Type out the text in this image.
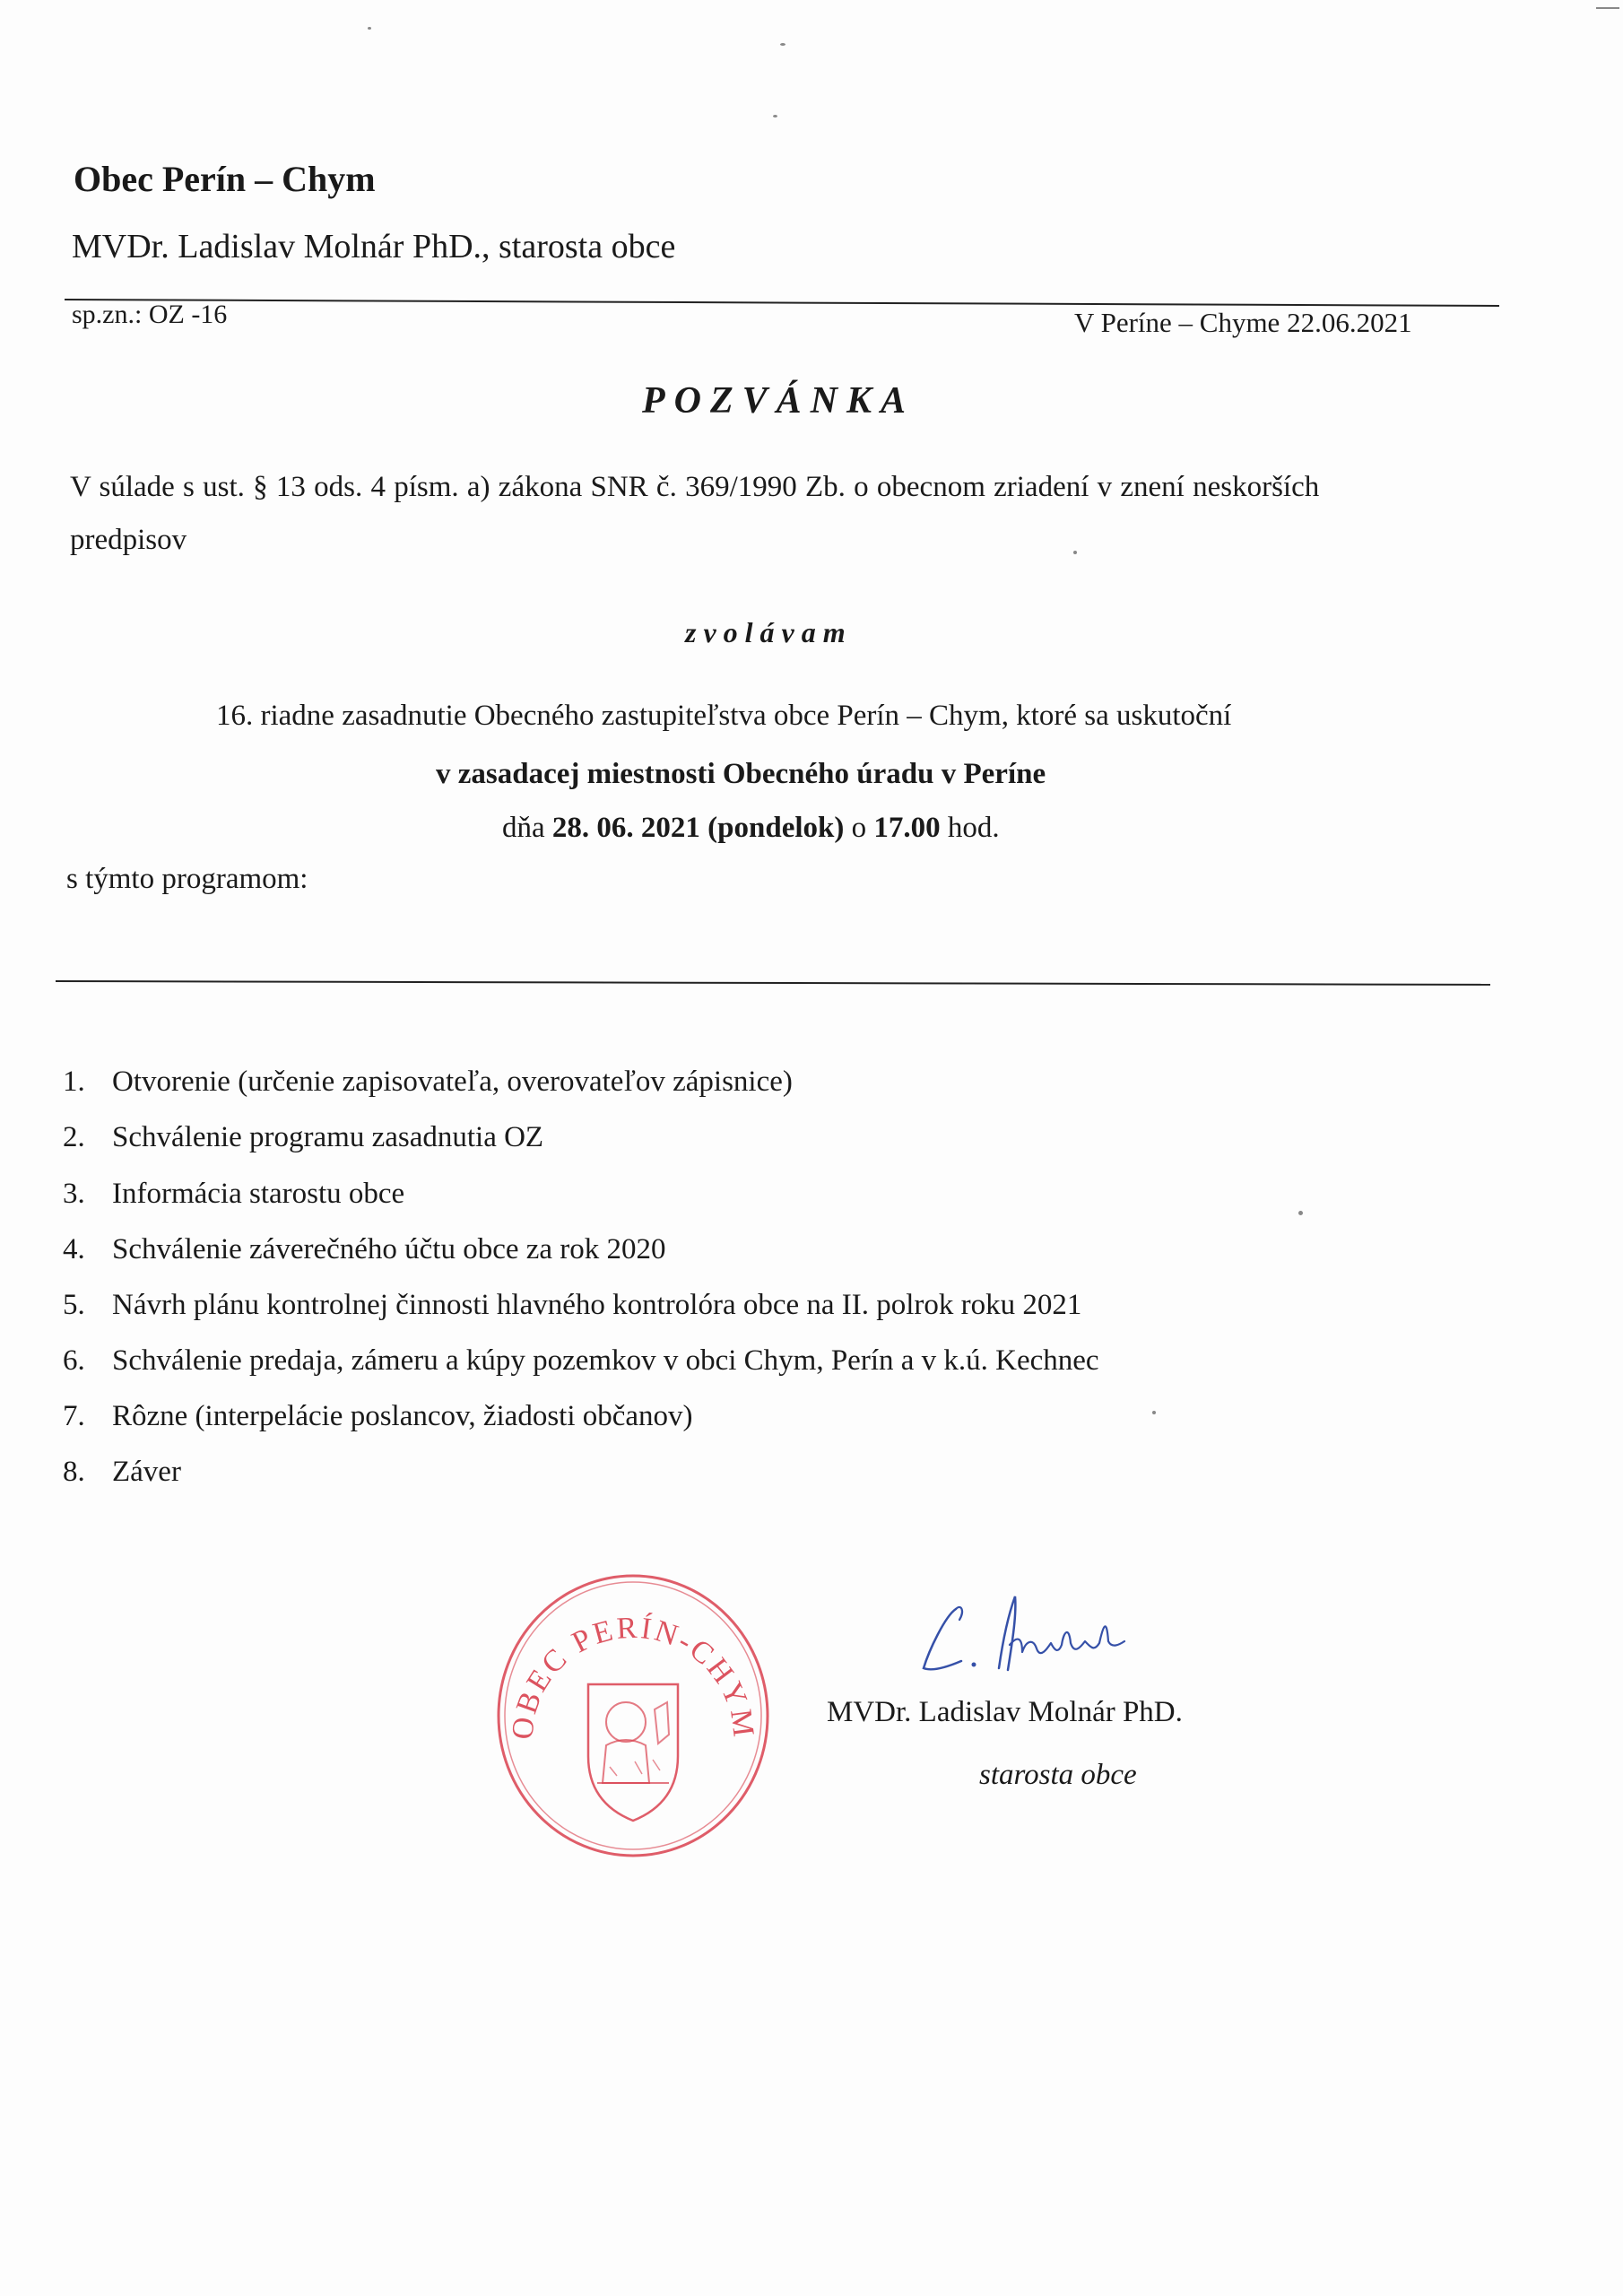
Obec Perín – Chym
MVDr. Ladislav Molnár PhD., starosta obce
sp.zn.: OZ -16	V Períne – Chyme 22.06.2021
POZVÁNKA
V súlade s ust. § 13 ods. 4 písm. a) zákona SNR č. 369/1990 Zb. o obecnom zriadení v znení neskorších
predpisov
zvolávam
16. riadne zasadnutie Obecného zastupiteľstva obce Perín – Chym, ktoré sa uskutoční
v zasadacej miestnosti Obecného úradu v Períne
dňa 28. 06. 2021 (pondelok) o 17.00 hod.
s týmto programom:
1. Otvorenie (určenie zapisovateľa, overovateľov zápisnice)
2. Schválenie programu zasadnutia OZ
3. Informácia starostu obce
4. Schválenie záverečného účtu obce za rok 2020
5. Návrh plánu kontrolnej činnosti hlavného kontrolóra obce na II. polrok roku 2021
6. Schválenie predaja, zámeru a kúpy pozemkov v obci Chym, Perín a v k.ú. Kechnec
7. Rôzne (interpelácie poslancov, žiadosti občanov)
8. Záver
OBEC PERÍN-CHYM MVDr. Ladislav Molnár PhD.
starosta obce
